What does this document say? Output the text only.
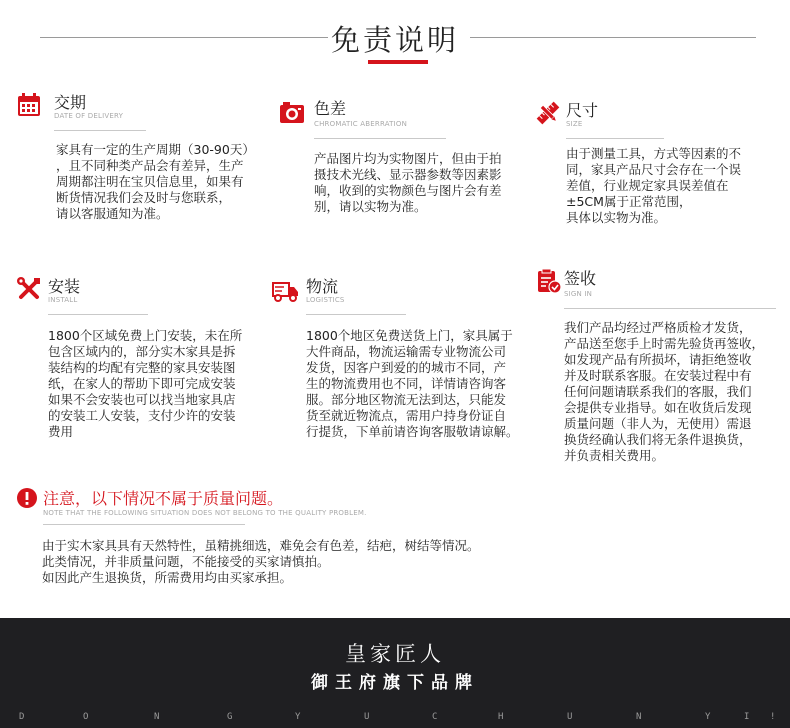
免责说明
交期
DATE OF DELIVERY

家具有一定的生产周期（30-90天）

，且不同种类产品会有差异，生产

周期都注明在宝贝信息里，如果有

断货情况我们会及时与您联系，

请以客服通知为准。

色差
CHROMATIC ABERRATION

产品图片均为实物图片，但由于拍

摄技术光线、显示器参数等因素影

响，收到的实物颜色与图片会有差

别，请以实物为准。

尺寸
SIZE

由于测量工具，方式等因素的不

同，家具产品尺寸会存在一个误

差值，行业规定家具误差值在

±5CM属于正常范围，

具体以实物为准。

安装
INSTALL

1800个区域免费上门安装，未在所

包含区域内的，部分实木家具是拆

装结构的均配有完整的家具安装图

纸，在家人的帮助下即可完成安装

如果不会安装也可以找当地家具店

的安装工人安装，支付少许的安装

费用

物流
LOGISTICS

1800个地区免费送货上门，家具属于

大件商品，物流运输需专业物流公司

发货，因客户到爱的的城市不同，产

生的物流费用也不同，详情请咨询客

服。部分地区物流无法到达，只能发

货至就近物流点，需用户持身份证自

行提货，下单前请咨询客服敬请谅解。

签收
SIGN IN

我们产品均经过严格质检才发货，

产品送至您手上时需先验货再签收，

如发现产品有所损坏，请拒绝签收

并及时联系客服。在安装过程中有

任何问题请联系我们的客服，我们

会提供专业指导。如在收货后发现

质量问题（非人为，无使用）需退

换货经确认我们将无条件退换货，

并负责相关费用。

注意，以下情况不属于质量问题。
NOTE THAT THE FOLLOWING SITUATION DOES NOT BELONG TO THE QUALITY PROBLEM.

由于实木家具具有天然特性，虽精挑细选，难免会有色差，结疤，树结等情况。

此类情况，并非质量问题，不能接受的买家请慎拍。

如因此产生退换货，所需费用均由买家承担。

皇家匠人
御王府旗下品牌
D	O	N	G	Y	U	C	H	U	N	Y	I !
